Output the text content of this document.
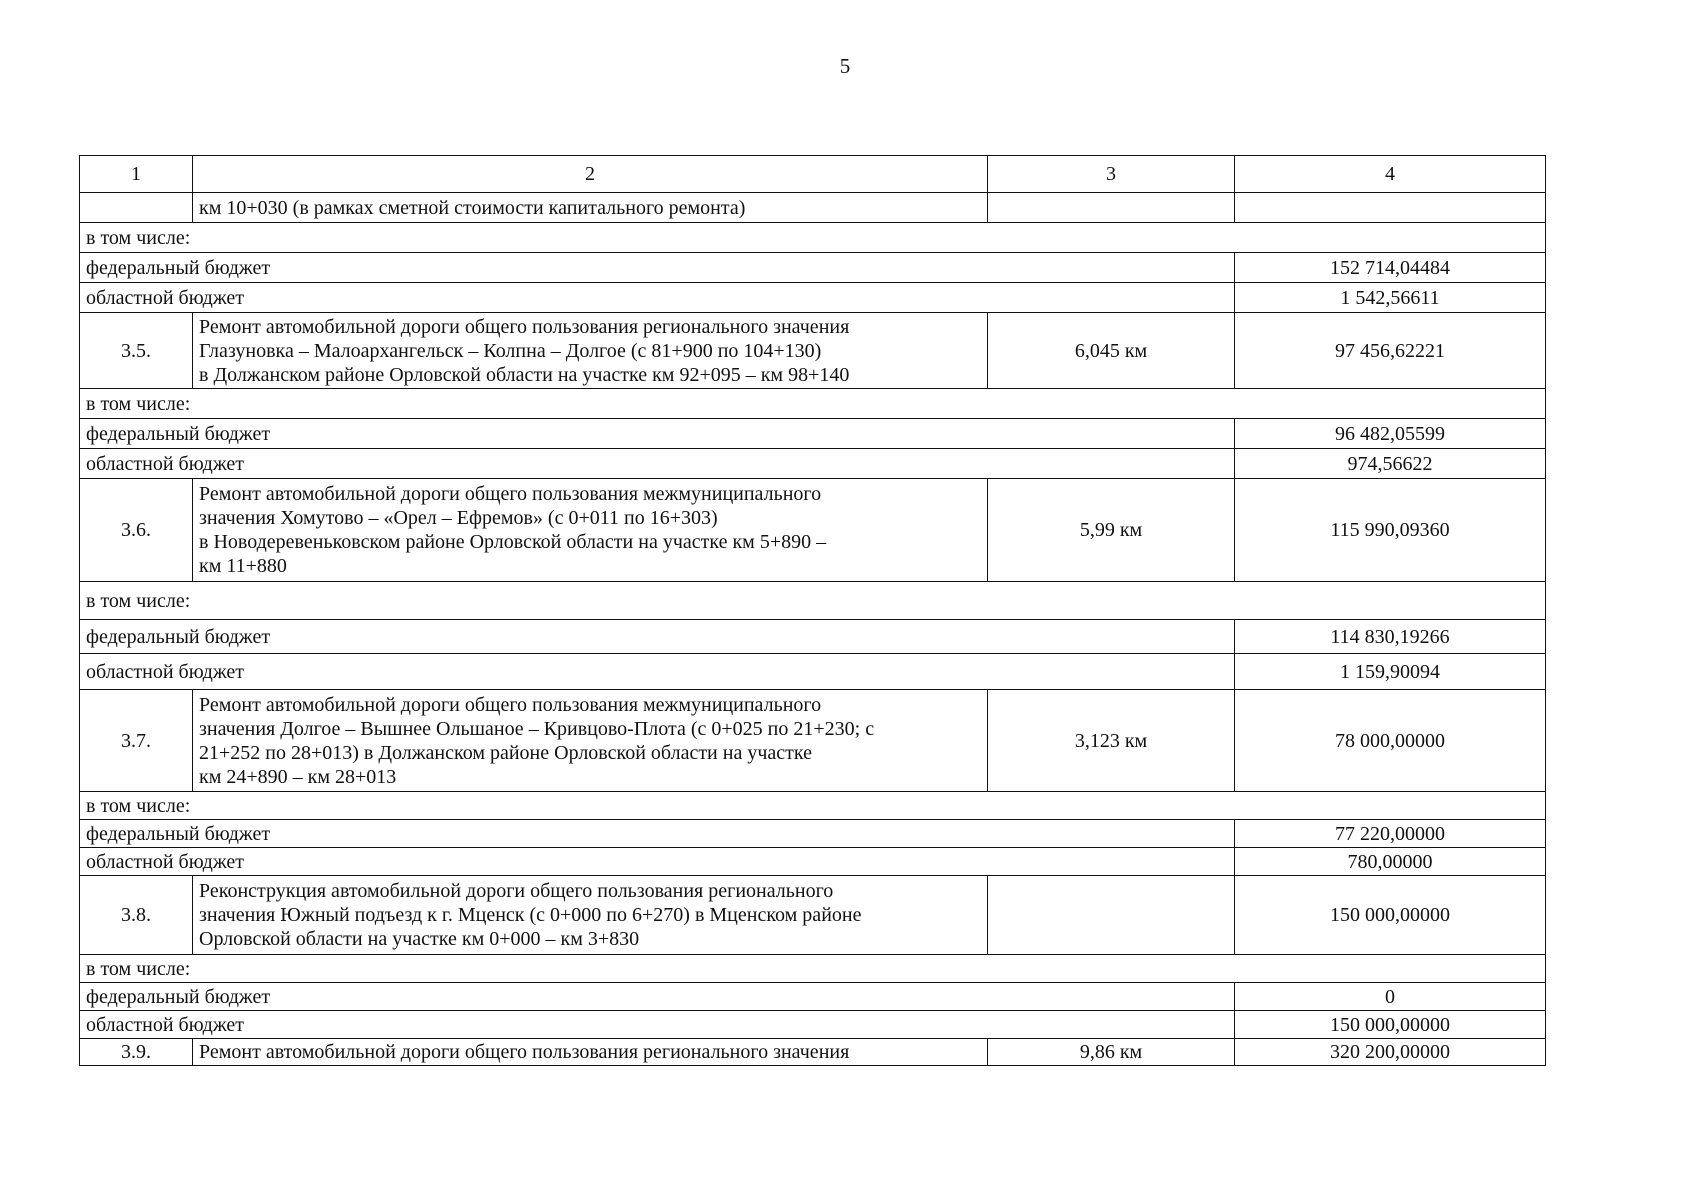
5
1	2	3	4
	км 10+030 (в рамках сметной стоимости капитального ремонта)		
в том числе:			
федеральный бюджет			152 714,04484
областной бюджет			1 542,56611
3.5.	Ремонт автомобильной дороги общего пользования регионального значения
Глазуновка – Малоархангельск – Колпна – Долгое (с 81+900 по 104+130)
в Должанском районе Орловской области на участке км 92+095 – км 98+140	6,045 км	97 456,62221
в том числе:			
федеральный бюджет			96 482,05599
областной бюджет			974,56622
3.6.	Ремонт автомобильной дороги общего пользования межмуниципального
значения Хомутово – «Орел – Ефремов» (с 0+011 по 16+303)
в Новодеревеньковском районе Орловской области на участке км 5+890 –
км 11+880	5,99 км	115 990,09360
в том числе:			
федеральный бюджет			114 830,19266
областной бюджет			1 159,90094
3.7.	Ремонт автомобильной дороги общего пользования межмуниципального
значения Долгое – Вышнее Ольшаное – Кривцово-Плота (с 0+025 по 21+230; с
21+252 по 28+013) в Должанском районе Орловской области на участке
км 24+890 – км 28+013	3,123 км	78 000,00000
в том числе:			
федеральный бюджет			77 220,00000
областной бюджет			780,00000
3.8.	Реконструкция автомобильной дороги общего пользования регионального
значения Южный подъезд к г. Мценск (с 0+000 по 6+270) в Мценском районе
Орловской области на участке км 0+000 – км 3+830		150 000,00000
в том числе:			
федеральный бюджет			0
областной бюджет			150 000,00000
3.9.	Ремонт автомобильной дороги общего пользования регионального значения	9,86 км	320 200,00000
